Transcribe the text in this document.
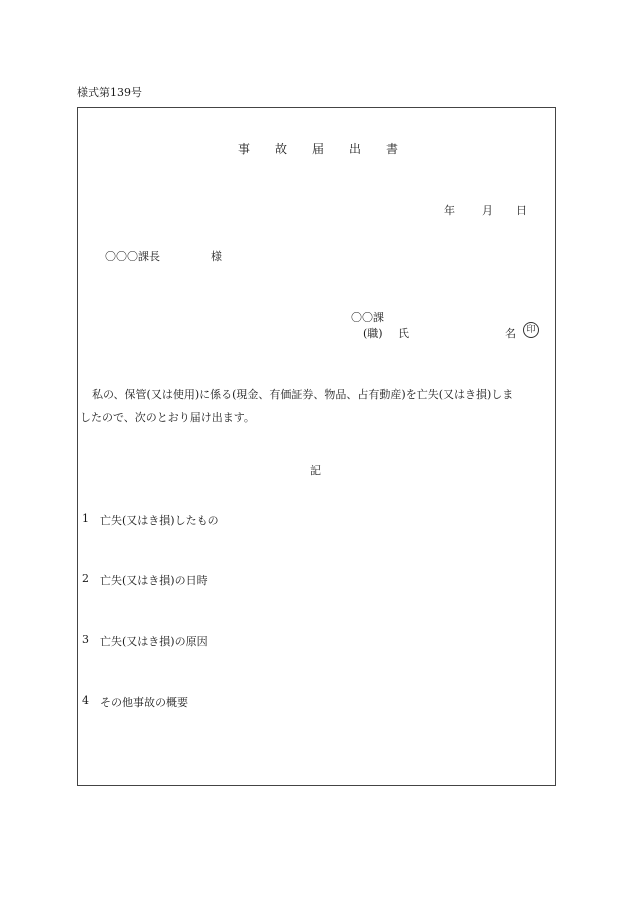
様式第139号
事故届出書
年 月 日
〇〇〇課長	様
〇〇課
(職) 氏	名	印
私の、保管(又は使用)に係る(現金、有価証券、物品、占有動産)を亡失(又はき損)しま
したので、次のとおり届け出ます。
記
1 亡失(又はき損)したもの
2 亡失(又はき損)の日時
3 亡失(又はき損)の原因
4 その他事故の概要
